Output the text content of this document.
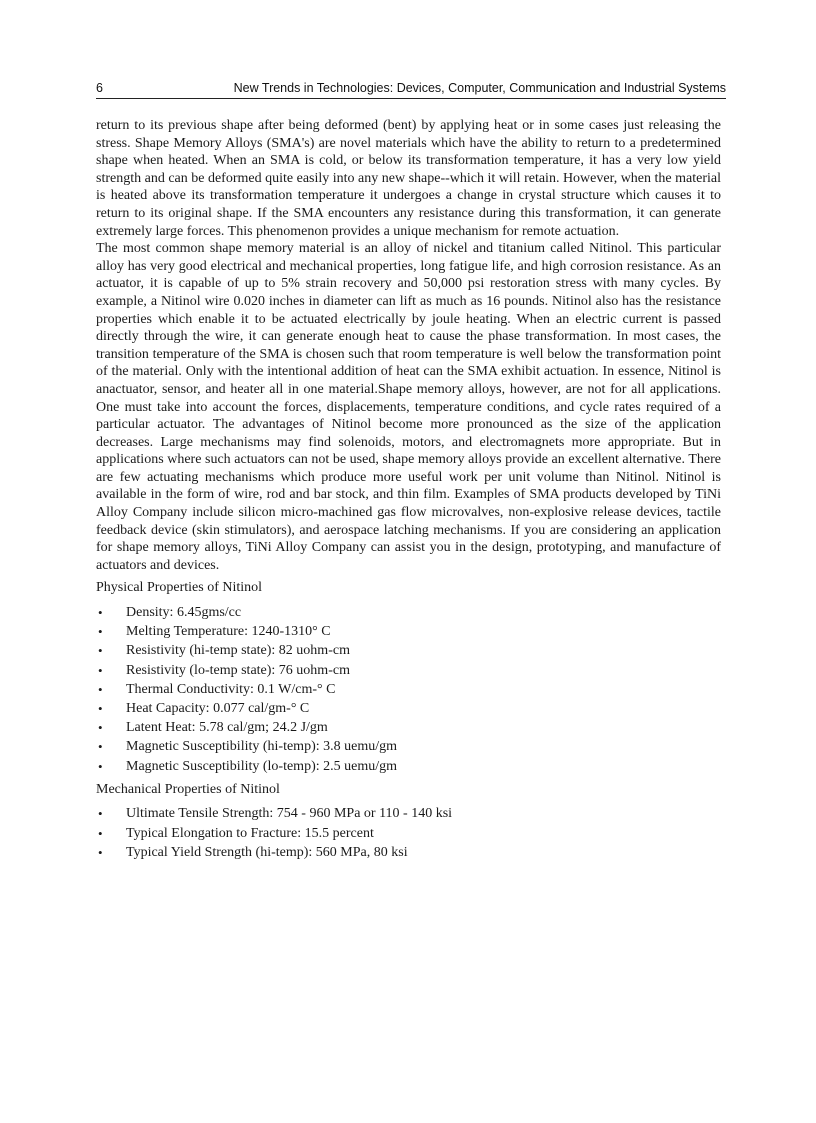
6	New Trends in Technologies: Devices, Computer, Communication and Industrial Systems

return to its previous shape after being deformed (bent) by applying heat or in some cases just releasing the stress. Shape Memory Alloys (SMA's) are novel materials which have the ability to return to a predetermined shape when heated. When an SMA is cold, or below its transformation temperature, it has a very low yield strength and can be deformed quite easily into any new shape--which it will retain. However, when the material is heated above its transformation temperature it undergoes a change in crystal structure which causes it to return to its original shape. If the SMA encounters any resistance during this transformation, it can generate extremely large forces. This phenomenon provides a unique mechanism for remote actuation.

The most common shape memory material is an alloy of nickel and titanium called Nitinol. This particular alloy has very good electrical and mechanical properties, long fatigue life, and high corrosion resistance. As an actuator, it is capable of up to 5% strain recovery and 50,000 psi restoration stress with many cycles. By example, a Nitinol wire 0.020 inches in diameter can lift as much as 16 pounds. Nitinol also has the resistance properties which enable it to be actuated electrically by joule heating. When an electric current is passed directly through the wire, it can generate enough heat to cause the phase transformation. In most cases, the transition temperature of the SMA is chosen such that room temperature is well below the transformation point of the material. Only with the intentional addition of heat can the SMA exhibit actuation. In essence, Nitinol is anactuator, sensor, and heater all in one material.Shape memory alloys, however, are not for all applications. One must take into account the forces, displacements, temperature conditions, and cycle rates required of a particular actuator. The advantages of Nitinol become more pronounced as the size of the application decreases. Large mechanisms may find solenoids, motors, and electromagnets more appropriate. But in applications where such actuators can not be used, shape memory alloys provide an excellent alternative. There are few actuating mechanisms which produce more useful work per unit volume than Nitinol. Nitinol is available in the form of wire, rod and bar stock, and thin film. Examples of SMA products developed by TiNi Alloy Company include silicon micro-machined gas flow microvalves, non-explosive release devices, tactile feedback device (skin stimulators), and aerospace latching mechanisms. If you are considering an application for shape memory alloys, TiNi Alloy Company can assist you in the design, prototyping, and manufacture of actuators and devices.

Physical Properties of Nitinol

• Density: 6.45gms/cc
• Melting Temperature: 1240-1310° C
• Resistivity (hi-temp state): 82 uohm-cm
• Resistivity (lo-temp state): 76 uohm-cm
• Thermal Conductivity: 0.1 W/cm-° C
• Heat Capacity: 0.077 cal/gm-° C
• Latent Heat: 5.78 cal/gm; 24.2 J/gm
• Magnetic Susceptibility (hi-temp): 3.8 uemu/gm
• Magnetic Susceptibility (lo-temp): 2.5 uemu/gm

Mechanical Properties of Nitinol

• Ultimate Tensile Strength: 754 - 960 MPa or 110 - 140 ksi
• Typical Elongation to Fracture: 15.5 percent
• Typical Yield Strength (hi-temp): 560 MPa, 80 ksi
